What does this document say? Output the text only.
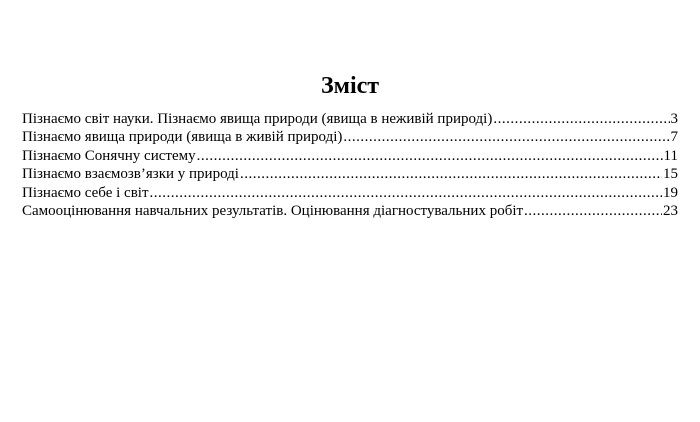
Зміст
Пізнаємо світ науки. Пізнаємо явища природи (явища в неживій природі) .....	3
Пізнаємо явища природи (явища в живій природі) .....	7
Пізнаємо Сонячну систему .....	11
Пізнаємо взаємозв’язки у природі .....	15
Пізнаємо себе і світ .....	19
Самооцінювання навчальних результатів. Оцінювання діагностувальних робіт .....	23
